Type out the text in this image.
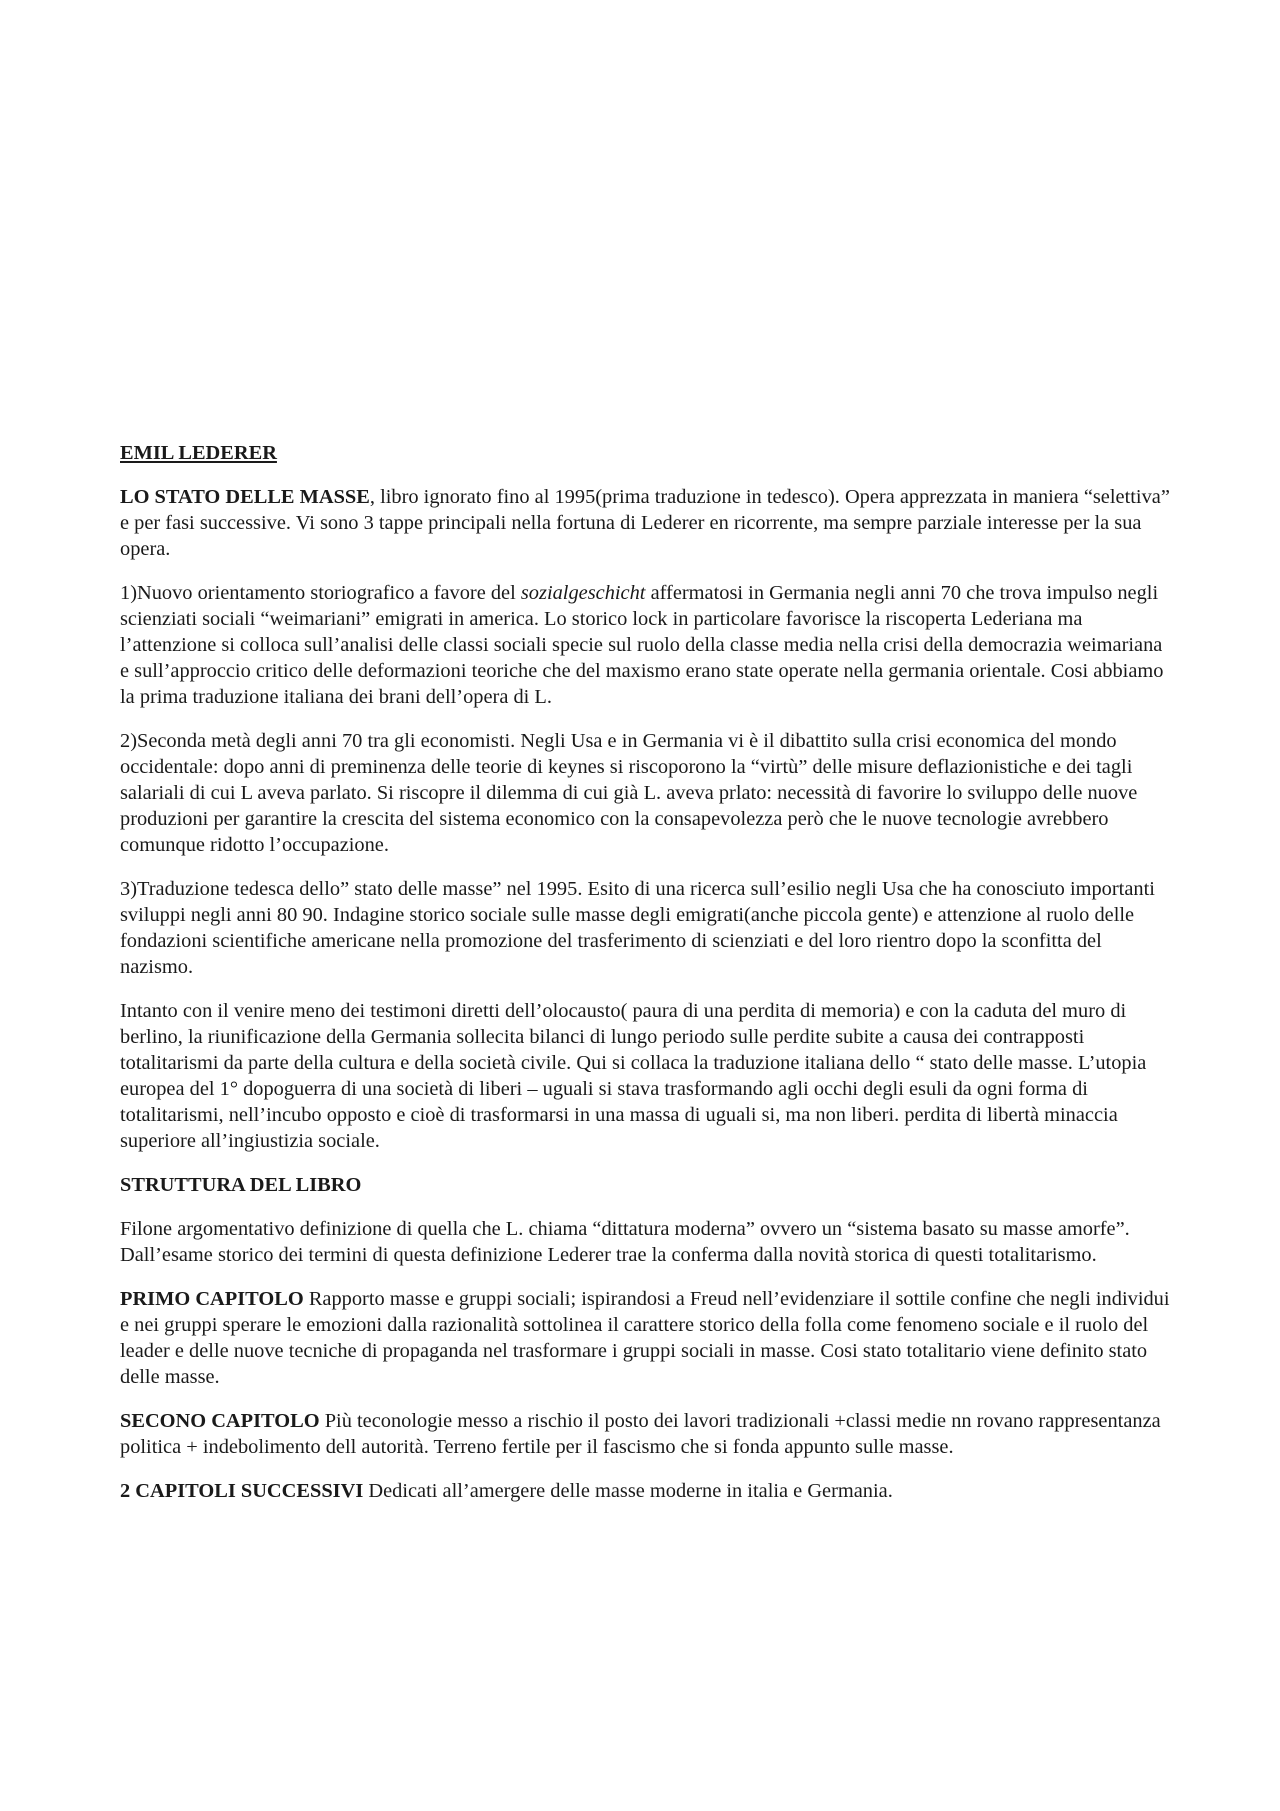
EMIL LEDERER

LO STATO DELLE MASSE, libro ignorato fino al 1995(prima traduzione in tedesco). Opera apprezzata in maniera “selettiva” e per fasi successive. Vi sono 3 tappe principali nella fortuna di Lederer en ricorrente, ma sempre parziale interesse per la sua opera.

1)Nuovo orientamento storiografico a favore del sozialgeschicht affermatosi in Germania negli anni 70 che trova impulso negli scienziati sociali “weimariani” emigrati in america. Lo storico lock in particolare favorisce la riscoperta Lederiana ma l’attenzione si colloca sull’analisi delle classi sociali specie sul ruolo della classe media nella crisi della democrazia weimariana e sull’approccio critico delle deformazioni teoriche che del maxismo erano state operate nella germania orientale. Cosi abbiamo la prima traduzione italiana dei brani dell’opera di L.

2)Seconda metà degli anni 70 tra gli economisti. Negli Usa e in Germania vi è il dibattito sulla crisi economica del mondo occidentale: dopo anni di preminenza delle teorie di keynes si riscoporono la “virtù” delle misure deflazionistiche e dei tagli salariali di cui L aveva parlato. Si riscopre il dilemma di cui già L. aveva prlato: necessità di favorire lo sviluppo delle nuove produzioni per garantire la crescita del sistema economico con la consapevolezza però che le nuove tecnologie avrebbero comunque ridotto l’occupazione.

3)Traduzione tedesca dello” stato delle masse” nel 1995. Esito di una ricerca sull’esilio negli Usa che ha conosciuto importanti sviluppi negli anni 80 90. Indagine storico sociale sulle masse degli emigrati(anche piccola gente) e attenzione al ruolo delle fondazioni scientifiche americane nella promozione del trasferimento di scienziati e del loro rientro dopo la sconfitta del nazismo.

Intanto con il venire meno dei testimoni diretti dell’olocausto( paura di una perdita di memoria) e con la caduta del muro di berlino, la riunificazione della Germania sollecita bilanci di lungo periodo sulle perdite subite a causa dei contrapposti totalitarismi da parte della cultura e della società civile. Qui si collaca la traduzione italiana dello “ stato delle masse. L’utopia europea del 1° dopoguerra di una società di liberi – uguali si stava trasformando agli occhi degli esuli da ogni forma di totalitarismi, nell’incubo opposto e cioè di trasformarsi in una massa di uguali si, ma non liberi. perdita di libertà minaccia superiore all’ingiustizia sociale.

STRUTTURA DEL LIBRO

Filone argomentativo definizione di quella che L. chiama “dittatura moderna” ovvero un “sistema basato su masse amorfe”. Dall’esame storico dei termini di questa definizione Lederer trae la conferma dalla novità storica di questi totalitarismo.

PRIMO CAPITOLO Rapporto masse e gruppi sociali; ispirandosi a Freud nell’evidenziare il sottile confine che negli individui e nei gruppi sperare le emozioni dalla razionalità sottolinea il carattere storico della folla come fenomeno sociale e il ruolo del leader e delle nuove tecniche di propaganda nel trasformare i gruppi sociali in masse. Cosi stato totalitario viene definito stato delle masse.

SECONO CAPITOLO Più teconologie messo a rischio il posto dei lavori tradizionali +classi medie nn rovano rappresentanza politica + indebolimento dell autorità. Terreno fertile per il fascismo che si fonda appunto sulle masse.

2 CAPITOLI SUCCESSIVI Dedicati all’amergere delle masse moderne in italia e Germania.
